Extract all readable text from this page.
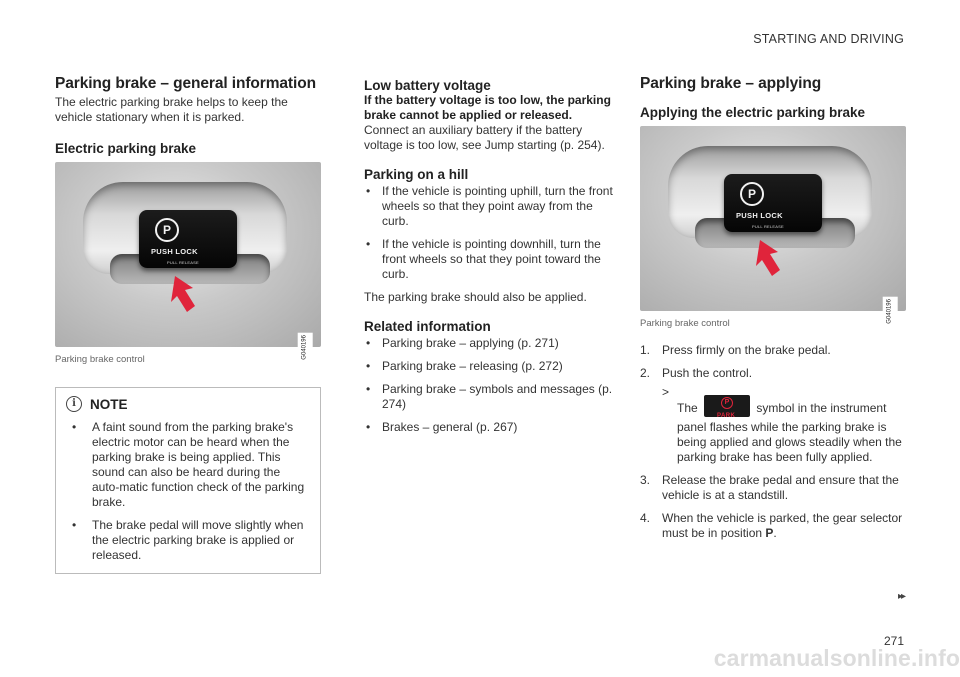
STARTING AND DRIVING
Parking brake – general information

The electric parking brake helps to keep the vehicle stationary when it is parked.

Electric parking brake
P
PUSH LOCK
PULL RELEASE
G040196
Parking brake control
i	NOTE
• A faint sound from the parking brake's electric motor can be heard when the parking brake is being applied. This sound can also be heard during the auto-matic function check of the parking brake.
• The brake pedal will move slightly when the electric parking brake is applied or released.
Low battery voltage

If the battery voltage is too low, the parking brake cannot be applied or released. Connect an auxiliary battery if the battery voltage is too low, see Jump starting (p. 254).

Parking on a hill
• If the vehicle is pointing uphill, turn the front wheels so that they point away from the curb.
• If the vehicle is pointing downhill, turn the front wheels so that they point toward the curb.

The parking brake should also be applied.

Related information
• Parking brake – applying (p. 271)
• Parking brake – releasing (p. 272)
• Parking brake – symbols and messages (p. 274)
• Brakes – general (p. 267)
Parking brake – applying
Applying the electric parking brake
P
PUSH LOCK
PULL RELEASE
G040196
Parking brake control
1. Press firmly on the brake pedal.
2. Push the control.
>
The	P
PARK
symbol in the instrument panel flashes while the parking brake is being applied and glows steadily when the parking brake has been fully applied.
3. Release the brake pedal and ensure that the vehicle is at a standstill.
4. When the vehicle is parked, the gear selector must be in position P.
▸▸
271
carmanualsonline.info
